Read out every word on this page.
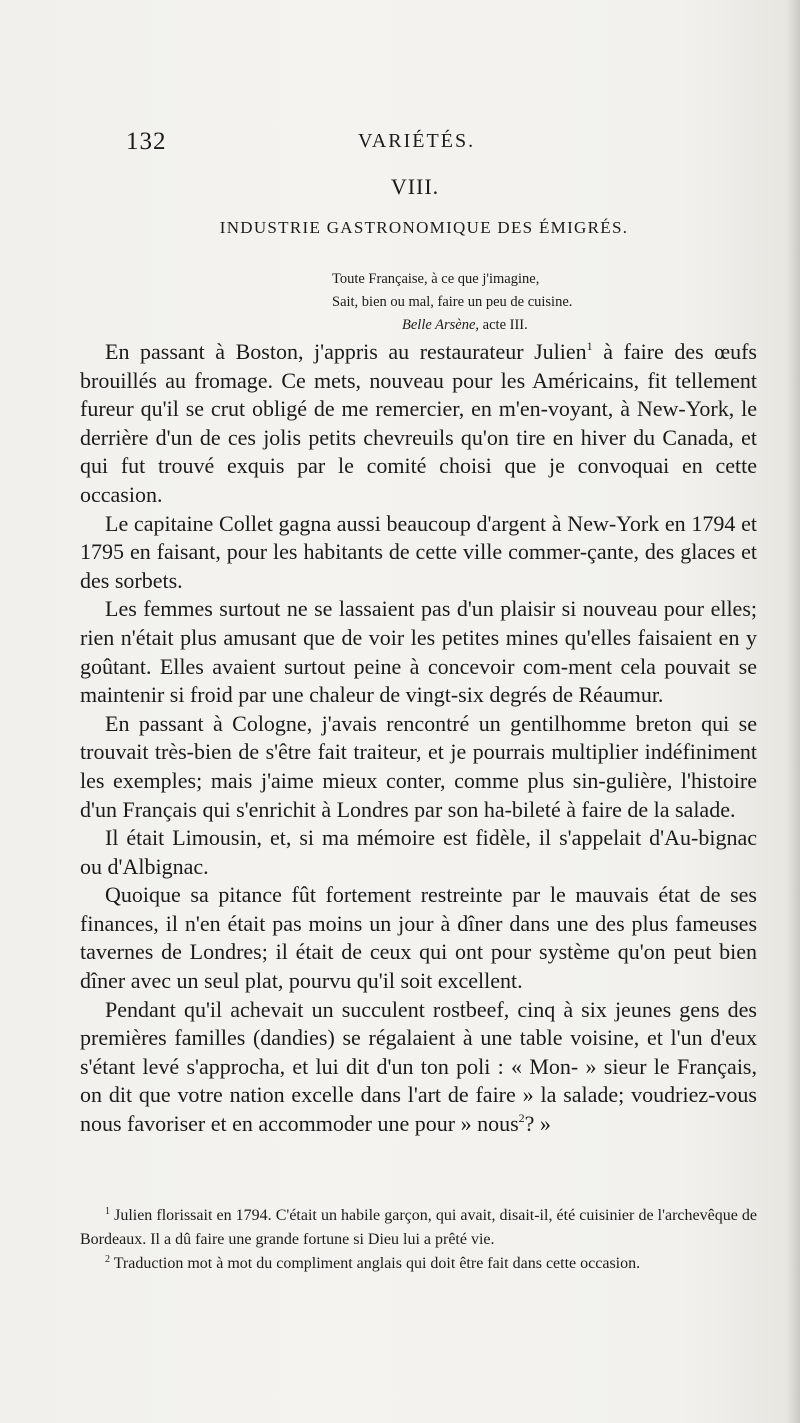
132	VARIÉTÉS.
VIII.
INDUSTRIE GASTRONOMIQUE DES ÉMIGRÉS.
Toute Française, à ce que j'imagine,
Sait, bien ou mal, faire un peu de cuisine.
Belle Arsène, acte III.

En passant à Boston, j'appris au restaurateur Julien$^1$ à faire des œufs brouillés au fromage. Ce mets, nouveau pour les Américains, fit tellement fureur qu'il se crut obligé de me remercier, en m'en-voyant, à New-York, le derrière d'un de ces jolis petits chevreuils qu'on tire en hiver du Canada, et qui fut trouvé exquis par le comité choisi que je convoquai en cette occasion.

Le capitaine Collet gagna aussi beaucoup d'argent à New-York en 1794 et 1795 en faisant, pour les habitants de cette ville commer-çante, des glaces et des sorbets.

Les femmes surtout ne se lassaient pas d'un plaisir si nouveau pour elles; rien n'était plus amusant que de voir les petites mines qu'elles faisaient en y goûtant. Elles avaient surtout peine à concevoir com-ment cela pouvait se maintenir si froid par une chaleur de vingt-six degrés de Réaumur.

En passant à Cologne, j'avais rencontré un gentilhomme breton qui se trouvait très-bien de s'être fait traiteur, et je pourrais multiplier indéfiniment les exemples; mais j'aime mieux conter, comme plus sin-gulière, l'histoire d'un Français qui s'enrichit à Londres par son ha-bileté à faire de la salade.

Il était Limousin, et, si ma mémoire est fidèle, il s'appelait d'Au-bignac ou d'Albignac.

Quoique sa pitance fût fortement restreinte par le mauvais état de ses finances, il n'en était pas moins un jour à dîner dans une des plus fameuses tavernes de Londres; il était de ceux qui ont pour système qu'on peut bien dîner avec un seul plat, pourvu qu'il soit excellent.

Pendant qu'il achevait un succulent rostbeef, cinq à six jeunes gens des premières familles (dandies) se régalaient à une table voisine, et l'un d'eux s'étant levé s'approcha, et lui dit d'un ton poli : « Mon- » sieur le Français, on dit que votre nation excelle dans l'art de faire » la salade; voudriez-vous nous favoriser et en accommoder une pour » nous$^2$? »

$^1$ Julien florissait en 1794. C'était un habile garçon, qui avait, disait-il, été cuisinier de l'archevêque de Bordeaux. Il a dû faire une grande fortune si Dieu lui a prêté vie.

$^2$ Traduction mot à mot du compliment anglais qui doit être fait dans cette occasion.
